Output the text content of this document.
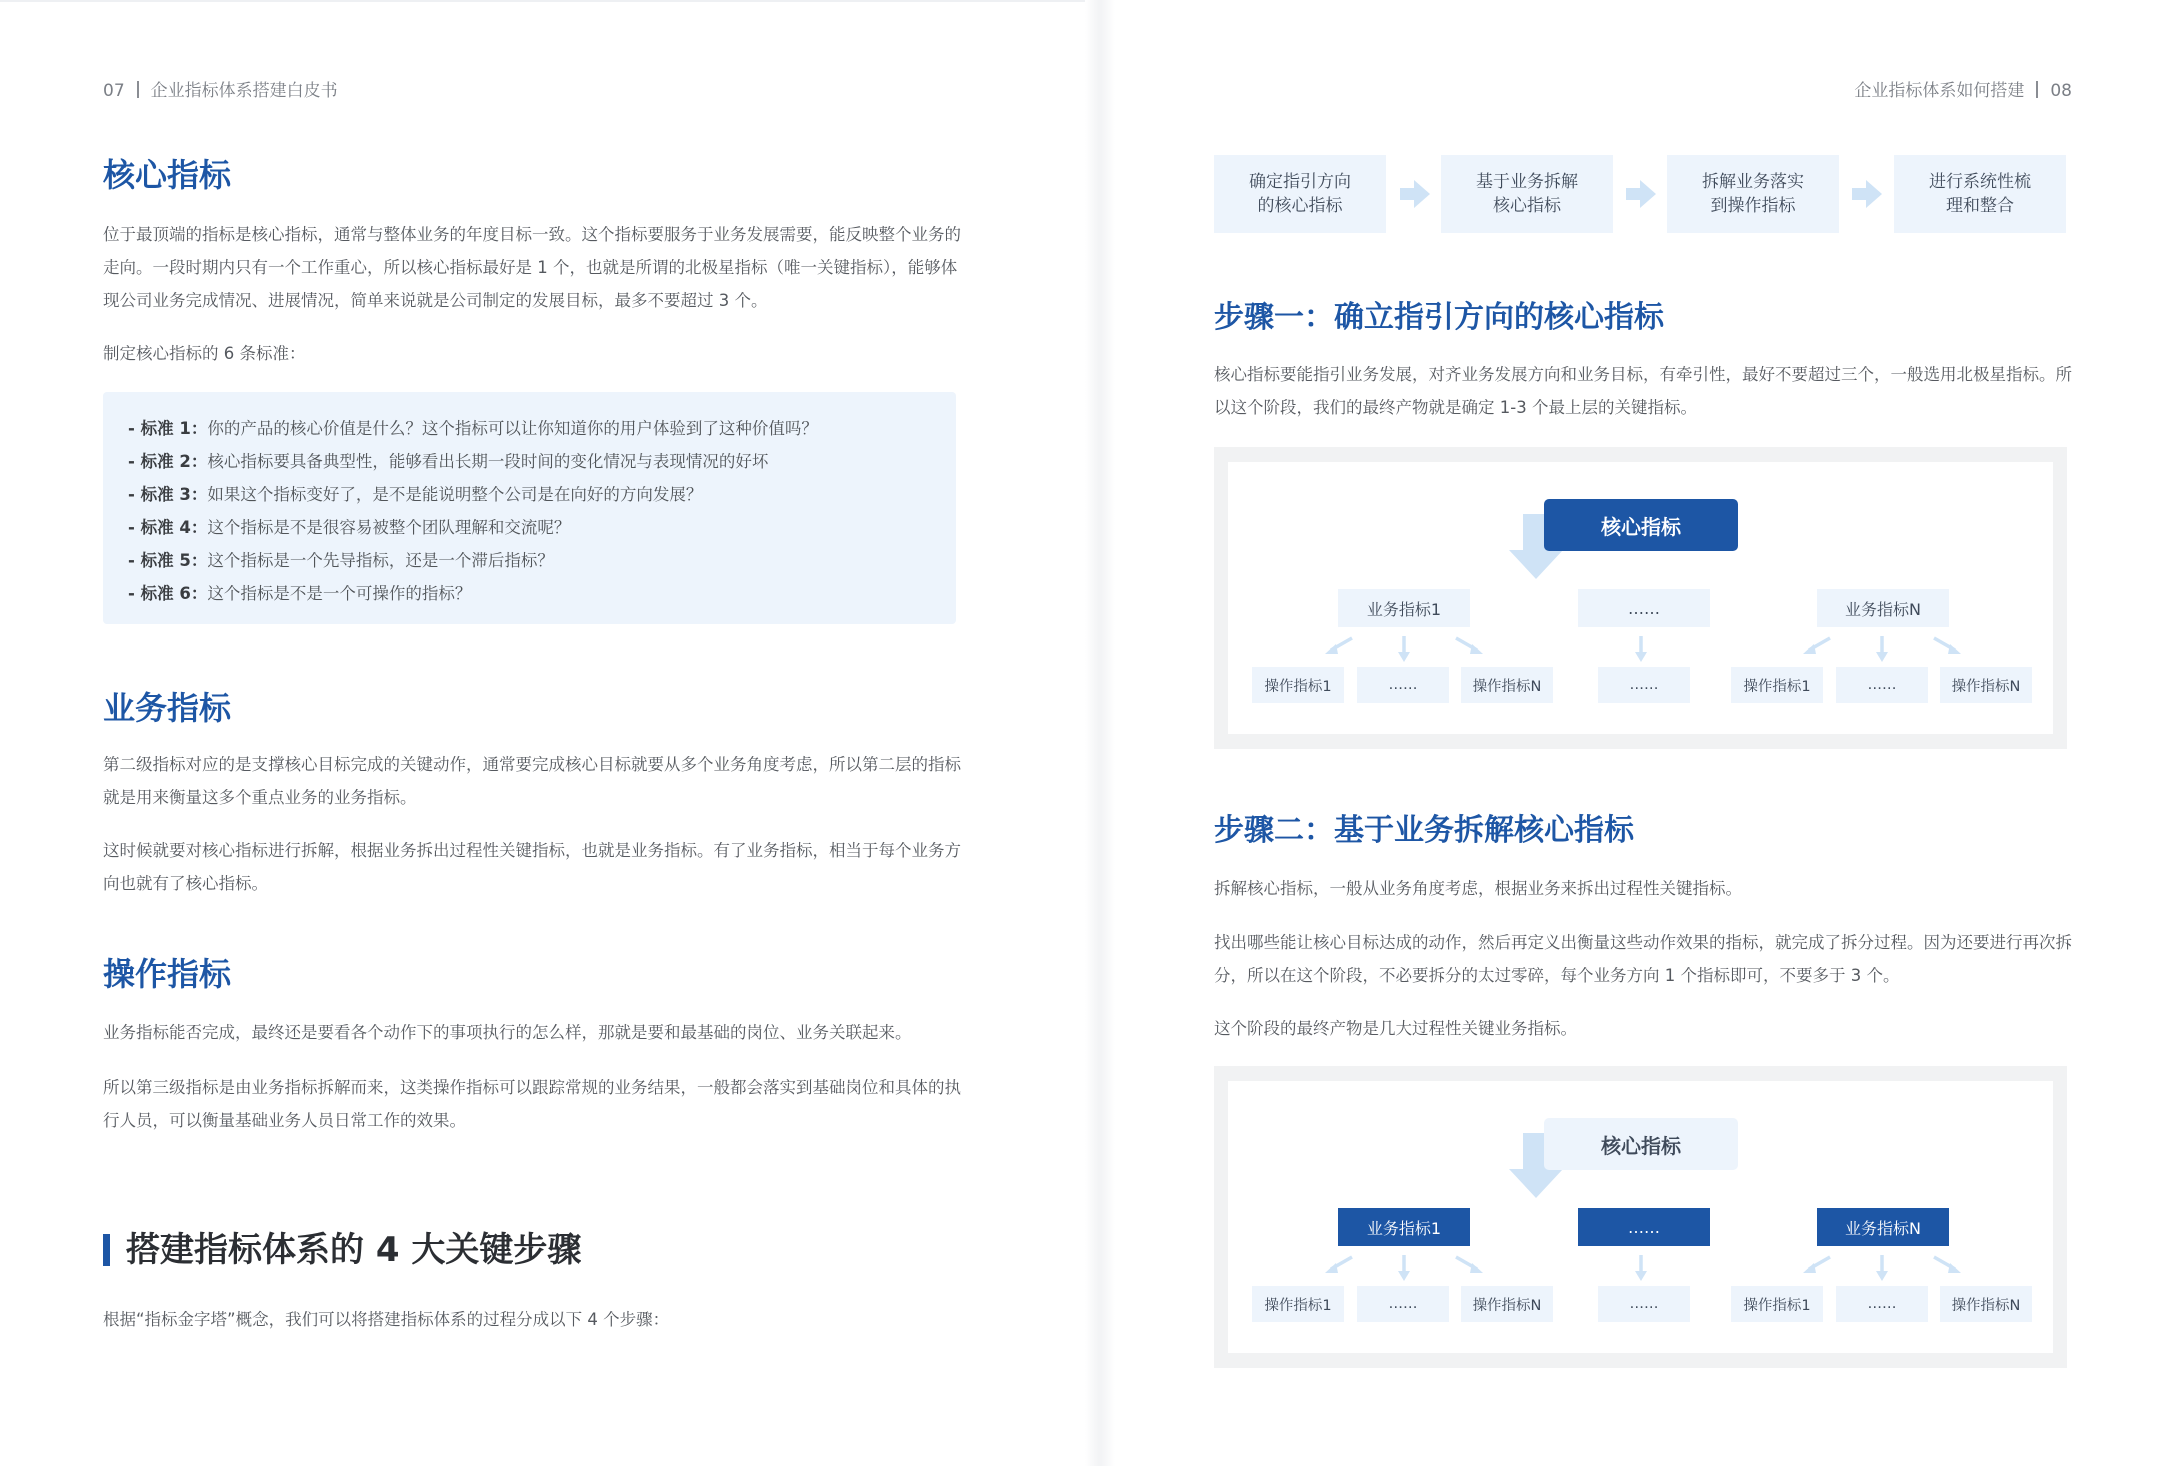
07 企业指标体系搭建白皮书
核心指标

位于最顶端的指标是核心指标，通常与整体业务的年度目标一致。这个指标要服务于业务发展需要，能反映整个业务的
走向。一段时期内只有一个工作重心，所以核心指标最好是 1 个，也就是所谓的北极星指标（唯一关键指标），能够体
现公司业务完成情况、进展情况，简单来说就是公司制定的发展目标，最多不要超过 3 个。

制定核心指标的 6 条标准：

- 标准 1：你的产品的核心价值是什么？这个指标可以让你知道你的用户体验到了这种价值吗？
- 标准 2：核心指标要具备典型性，能够看出长期一段时间的变化情况与表现情况的好坏
- 标准 3：如果这个指标变好了，是不是能说明整个公司是在向好的方向发展？
- 标准 4：这个指标是不是很容易被整个团队理解和交流呢？
- 标准 5：这个指标是一个先导指标，还是一个滞后指标？
- 标准 6：这个指标是不是一个可操作的指标？
业务指标

第二级指标对应的是支撑核心目标完成的关键动作，通常要完成核心目标就要从多个业务角度考虑，所以第二层的指标
就是用来衡量这多个重点业务的业务指标。

这时候就要对核心指标进行拆解，根据业务拆出过程性关键指标，也就是业务指标。有了业务指标，相当于每个业务方
向也就有了核心指标。

操作指标

业务指标能否完成，最终还是要看各个动作下的事项执行的怎么样，那就是要和最基础的岗位、业务关联起来。

所以第三级指标是由业务指标拆解而来，这类操作指标可以跟踪常规的业务结果，一般都会落实到基础岗位和具体的执
行人员，可以衡量基础业务人员日常工作的效果。

搭建指标体系的 4 大关键步骤

根据“指标金字塔”概念，我们可以将搭建指标体系的过程分成以下 4 个步骤：

企业指标体系如何搭建 08
确定指引方向
的核心指标
基于业务拆解
核心指标
拆解业务落实
到操作指标
进行系统性梳
理和整合
步骤一：确立指引方向的核心指标

核心指标要能指引业务发展，对齐业务发展方向和业务目标，有牵引性，最好不要超过三个，一般选用北极星指标。所
以这个阶段，我们的最终产物就是确定 1-3 个最上层的关键指标。

核心指标
业务指标1	……	业务指标N
操作指标1	……	操作指标N	……	操作指标1	……	操作指标N
步骤二：基于业务拆解核心指标

拆解核心指标，一般从业务角度考虑，根据业务来拆出过程性关键指标。

找出哪些能让核心目标达成的动作，然后再定义出衡量这些动作效果的指标，就完成了拆分过程。因为还要进行再次拆
分，所以在这个阶段，不必要拆分的太过零碎，每个业务方向 1 个指标即可，不要多于 3 个。

这个阶段的最终产物是几大过程性关键业务指标。

核心指标
业务指标1	……	业务指标N
操作指标1	……	操作指标N	……	操作指标1	……	操作指标N
